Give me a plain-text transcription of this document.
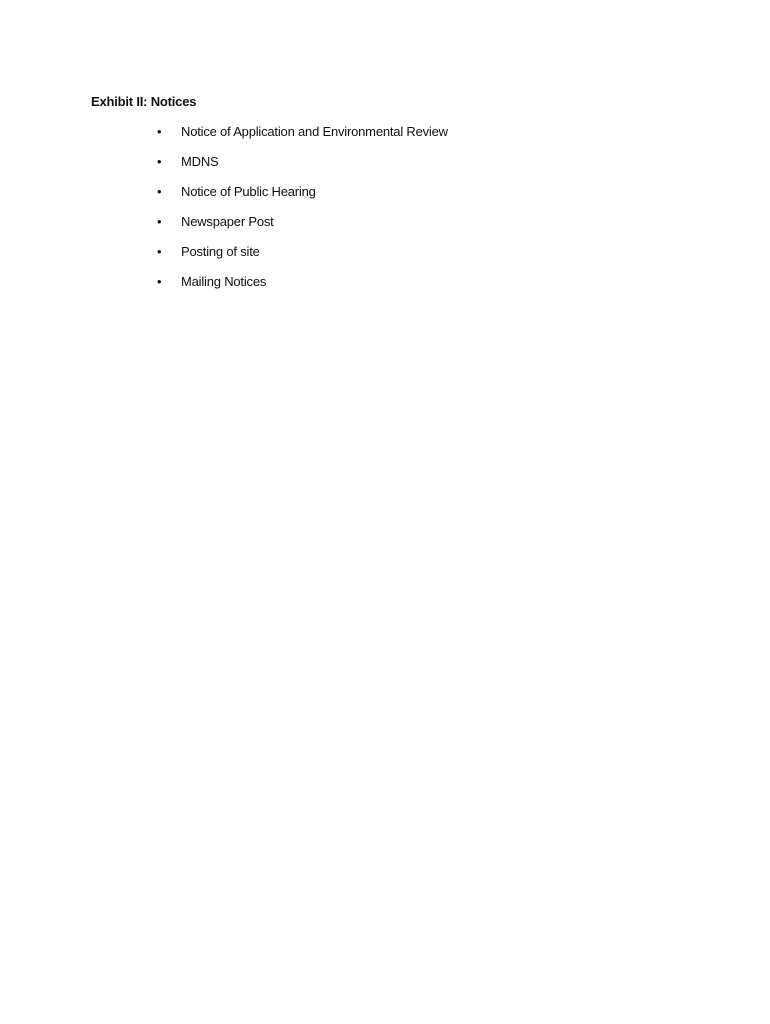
Exhibit II: Notices
• Notice of Application and Environmental Review
• MDNS
• Notice of Public Hearing
• Newspaper Post
• Posting of site
• Mailing Notices
